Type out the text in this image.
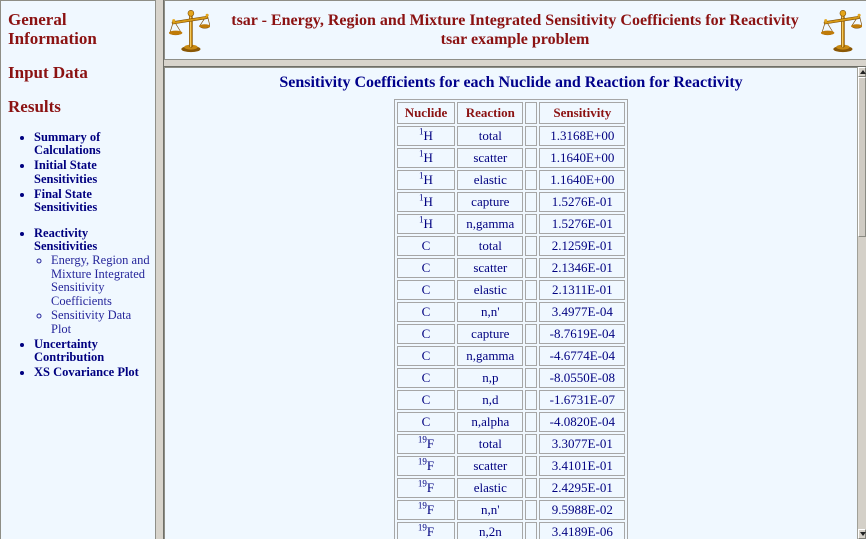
General Information
Input Data
Results
• Summary of Calculations
• Initial State Sensitivities
• Final State Sensitivities
• Reactivity Sensitivities
◦ Energy, Region and Mixture Integrated Sensitivity Coefficients
◦ Sensitivity Data Plot
• Uncertainty Contribution
• XS Covariance Plot
tsar - Energy, Region and Mixture Integrated Sensitivity Coefficients for Reactivity
tsar example problem
Sensitivity Coefficients for each Nuclide and Reaction for Reactivity
Nuclide	Reaction		Sensitivity
$^1$H	total		1.3168E+00
$^1$H	scatter		1.1640E+00
$^1$H	elastic		1.1640E+00
$^1$H	capture		1.5276E-01
$^1$H	n,gamma		1.5276E-01
C	total		2.1259E-01
C	scatter		2.1346E-01
C	elastic		2.1311E-01
C	n,n'		3.4977E-04
C	capture		-8.7619E-04
C	n,gamma		-4.6774E-04
C	n,p		-8.0550E-08
C	n,d		-1.6731E-07
C	n,alpha		-4.0820E-04
$^{19}$F	total		3.3077E-01
$^{19}$F	scatter		3.4101E-01
$^{19}$F	elastic		2.4295E-01
$^{19}$F	n,n'		9.5988E-02
$^{19}$F	n,2n		3.4189E-06
